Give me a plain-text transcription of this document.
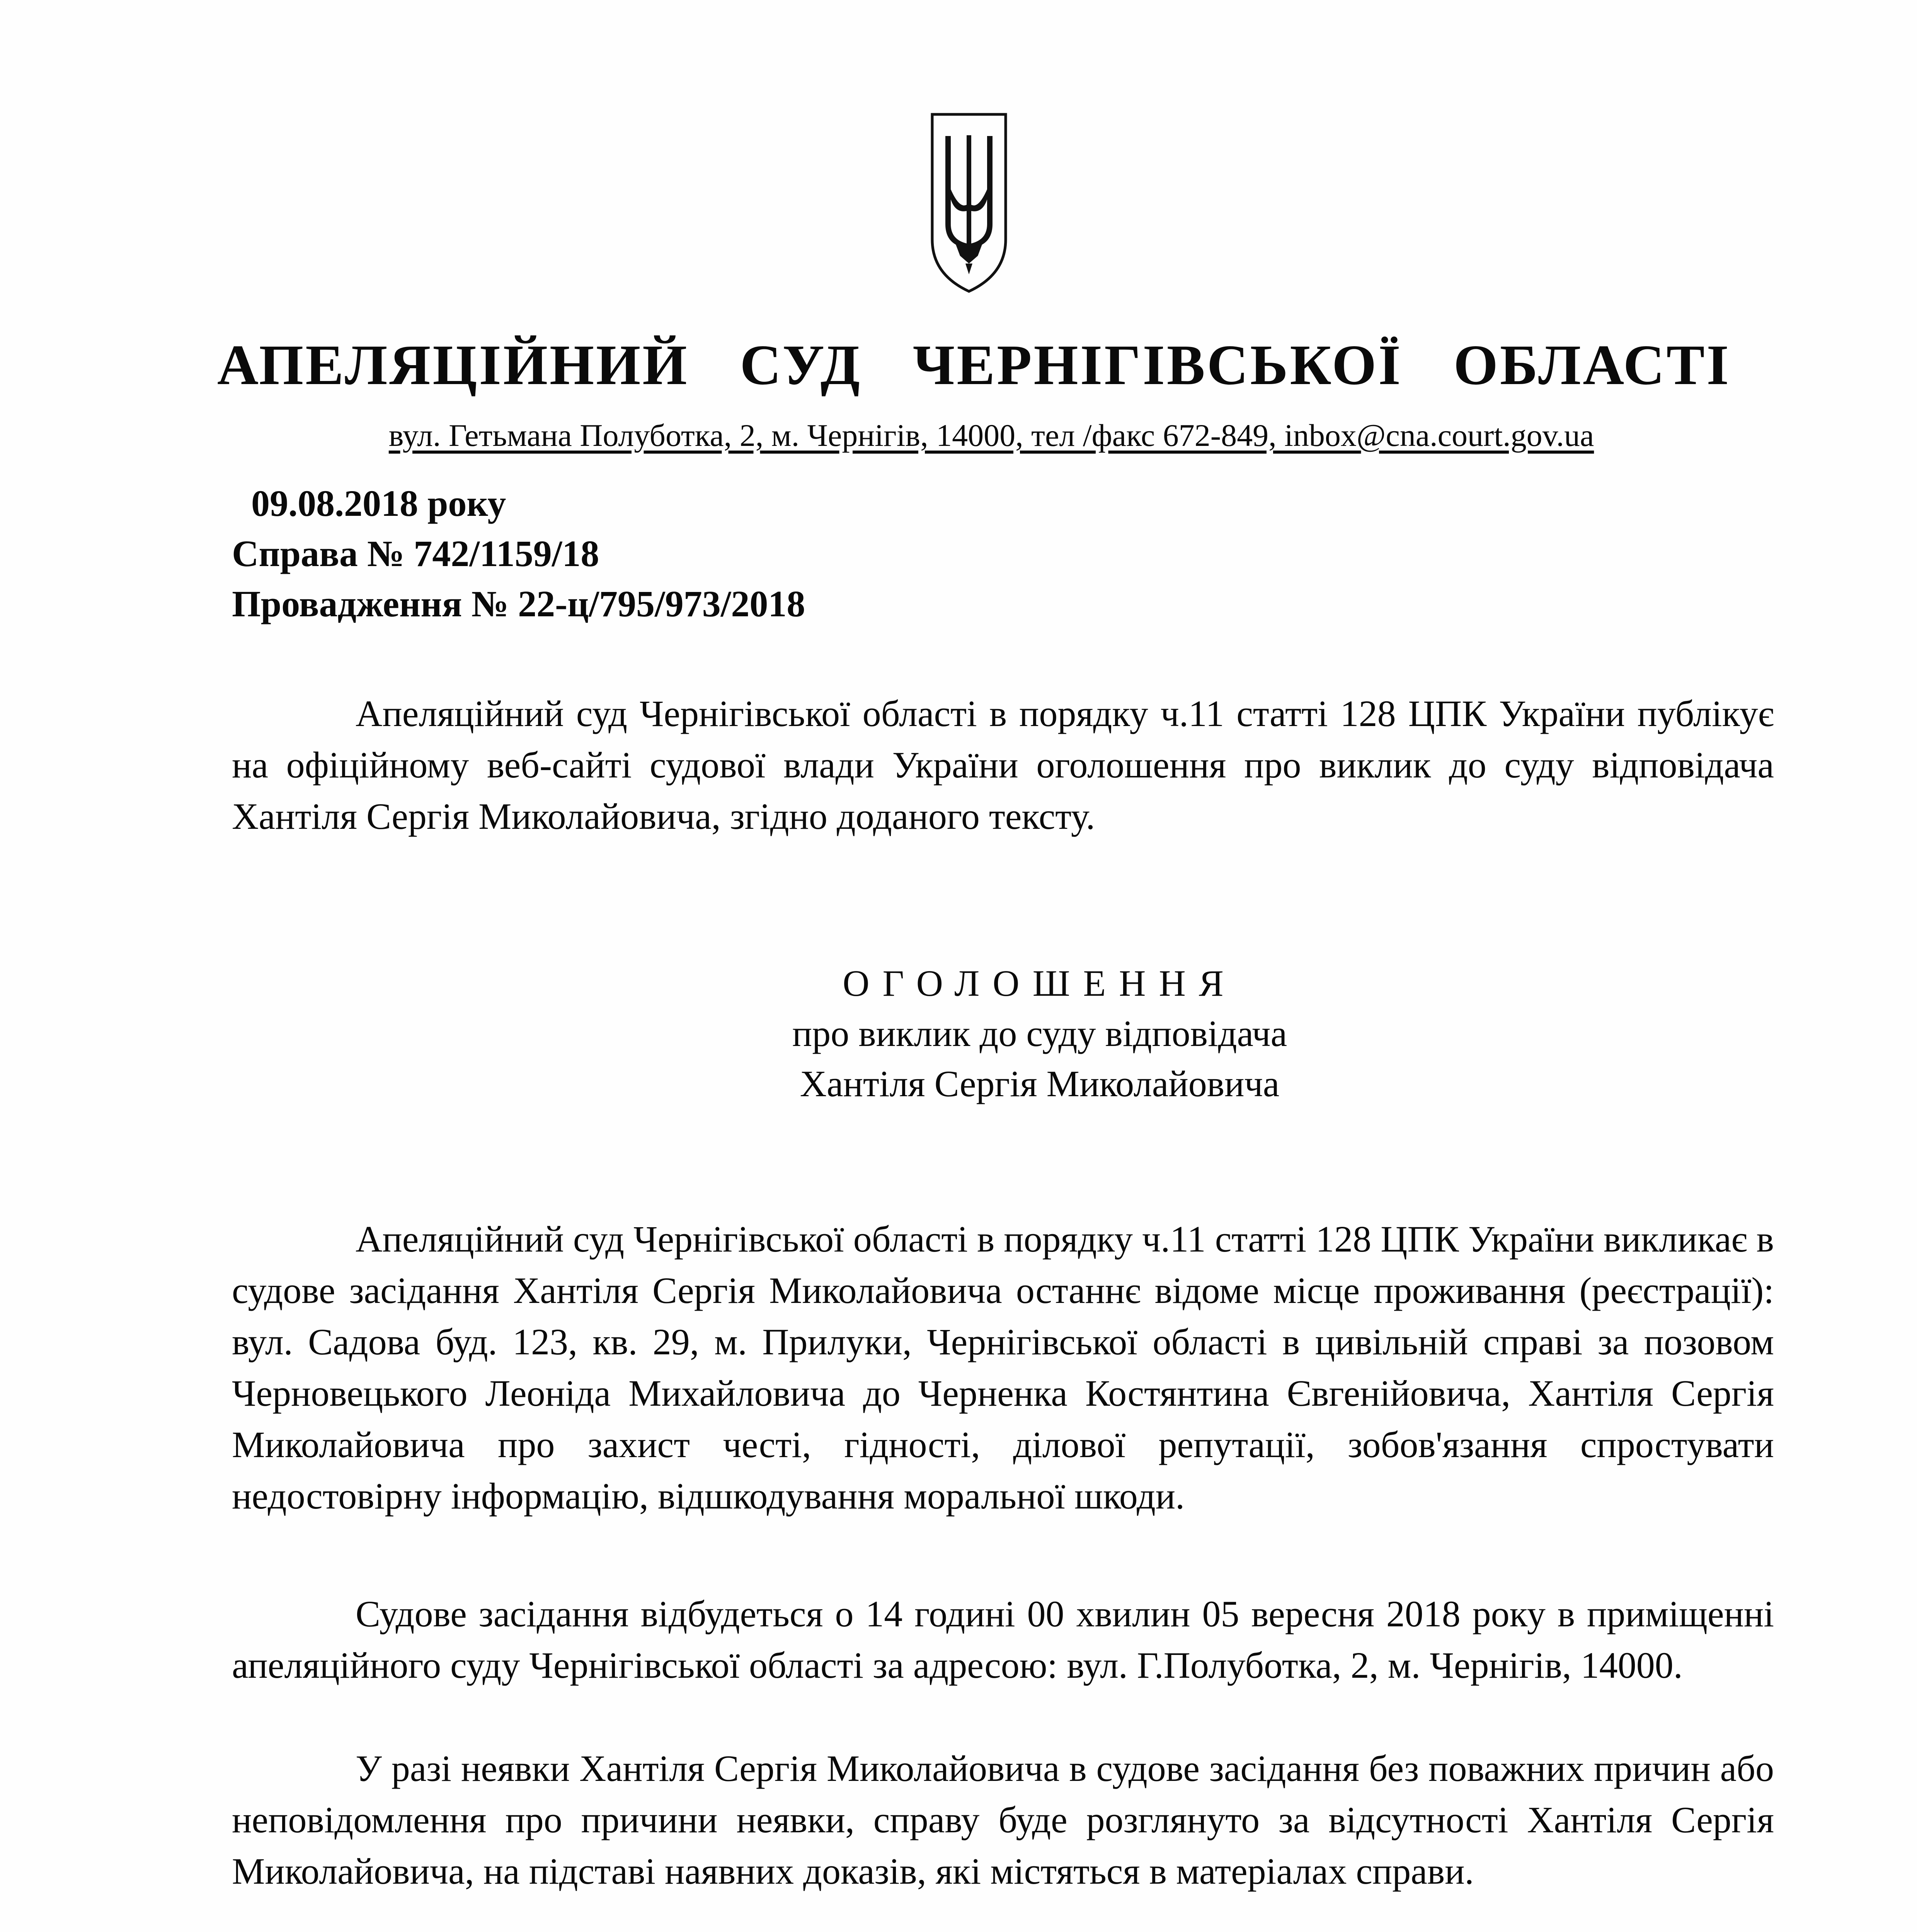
АПЕЛЯЦІЙНИЙ СУД ЧЕРНІГІВСЬКОЇ ОБЛАСТІ
вул. Гетьмана Полуботка, 2, м. Чернігів, 14000, тел /факс 672-849, inbox@cna.court.gov.ua
09.08.2018 року
Справа № 742/1159/18
Провадження № 22-ц/795/973/2018

Апеляційний суд Чернігівської області в порядку ч.11 статті 128 ЦПК України публікує на офіційному веб-сайті судової влади України оголошення про виклик до суду відповідача Хантіля Сергія Миколайовича, згідно доданого тексту.

ОГОЛОШЕННЯ
про виклик до суду відповідача
Хантіля Сергія Миколайовича

Апеляційний суд Чернігівської області в порядку ч.11 статті 128 ЦПК України викликає в судове засідання Хантіля Сергія Миколайовича останнє відоме місце проживання (реєстрації): вул. Садова буд. 123, кв. 29, м. Прилуки, Чернігівської області в цивільній справі за позовом Черновецького Леоніда Михайловича до Черненка Костянтина Євгенійовича, Хантіля Сергія Миколайовича про захист честі, гідності, ділової репутації, зобов'язання спростувати недостовірну інформацію, відшкодування моральної шкоди.

Судове засідання відбудеться о 14 годині 00 хвилин 05 вересня 2018 року в приміщенні апеляційного суду Чернігівської області за адресою: вул. Г.Полуботка, 2, м. Чернігів, 14000.

У разі неявки Хантіля Сергія Миколайовича в судове засідання без поважних причин або неповідомлення про причини неявки, справу буде розглянуто за відсутності Хантіля Сергія Миколайовича, на підставі наявних доказів, які містяться в матеріалах справи.
